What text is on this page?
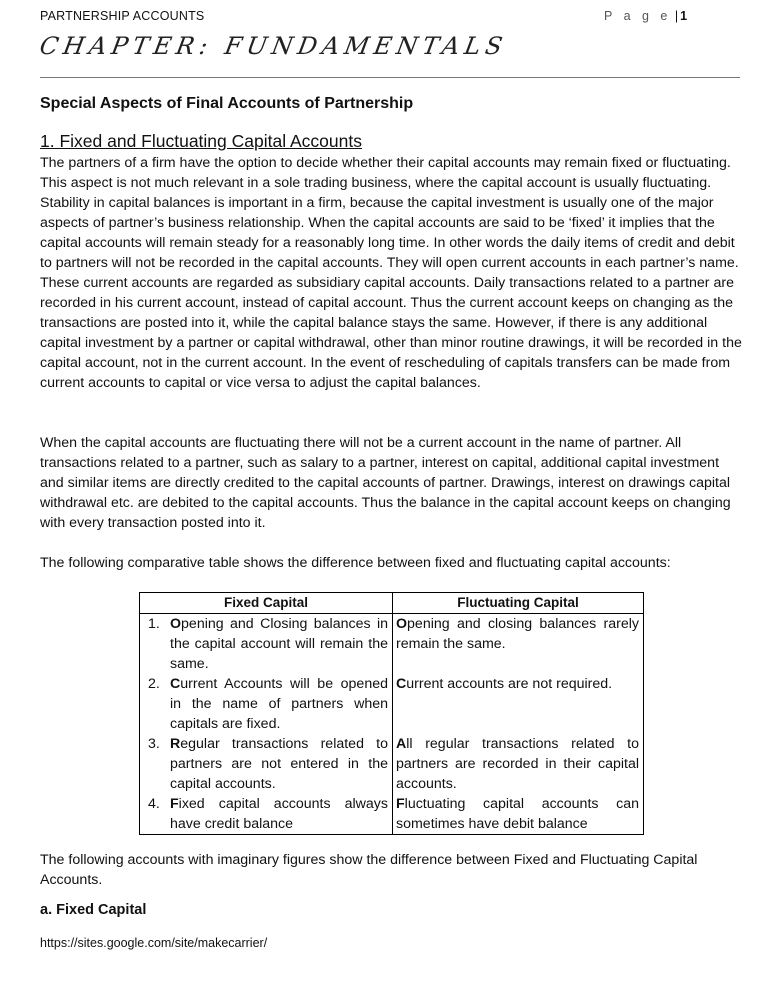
PARTNERSHIP ACCOUNTS	P a g e | 1
CHAPTER: FUNDAMENTALS
Special Aspects of Final Accounts of Partnership
1. Fixed and Fluctuating Capital Accounts
The partners of a firm have the option to decide whether their capital accounts may remain fixed or fluctuating. This aspect is not much relevant in a sole trading business, where the capital account is usually fluctuating. Stability in capital balances is important in a firm, because the capital investment is usually one of the major aspects of partner’s business relationship. When the capital accounts are said to be ‘fixed’ it implies that the capital accounts will remain steady for a reasonably long time. In other words the daily items of credit and debit to partners will not be recorded in the capital accounts. They will open current accounts in each partner’s name. These current accounts are regarded as subsidiary capital accounts. Daily transactions related to a partner are recorded in his current account, instead of capital account. Thus the current account keeps on changing as the transactions are posted into it, while the capital balance stays the same. However, if there is any additional capital investment by a partner or capital withdrawal, other than minor routine drawings, it will be recorded in the capital account, not in the current account. In the event of rescheduling of capitals transfers can be made from current accounts to capital or vice versa to adjust the capital balances.
When the capital accounts are fluctuating there will not be a current account in the name of partner. All transactions related to a partner, such as salary to a partner, interest on capital, additional capital investment and similar items are directly credited to the capital accounts of partner. Drawings, interest on drawings capital withdrawal etc. are debited to the capital accounts. Thus the balance in the capital account keeps on changing with every transaction posted into it.
The following comparative table shows the difference between fixed and fluctuating capital accounts:
Fixed Capital	Fluctuating Capital

1. Opening and Closing balances in the capital account will remain the same.	Opening and closing balances rarely remain the same.

2. Current Accounts will be opened in the name of partners when capitals are fixed.	Current accounts are not required.

3. Regular transactions related to partners are not entered in the capital accounts.	All regular transactions related to partners are recorded in their capital accounts.

4. Fixed capital accounts always have credit balance	Fluctuating capital accounts can sometimes have debit balance
The following accounts with imaginary figures show the difference between Fixed and Fluctuating Capital Accounts.
a. Fixed Capital
https://sites.google.com/site/makecarrier/
